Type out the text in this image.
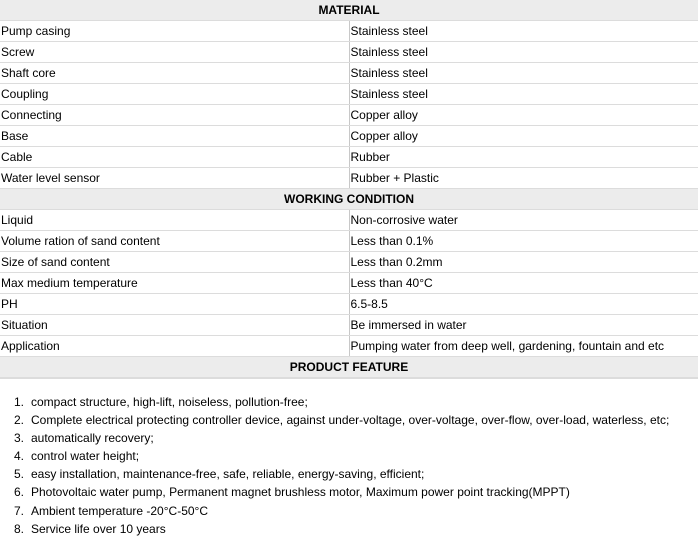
MATERIAL	
Pump casing	Stainless steel
Screw	Stainless steel
Shaft core	Stainless steel
Coupling	Stainless steel
Connecting	Copper alloy
Base	Copper alloy
Cable	Rubber
Water level sensor	Rubber + Plastic
WORKING CONDITION	
Liquid	Non-corrosive water
Volume ration of sand content	Less than 0.1%
Size of sand content	Less than 0.2mm
Max medium temperature	Less than 40°C
PH	6.5-8.5
Situation	Be immersed in water
Application	Pumping water from deep well, gardening, fountain and etc
PRODUCT FEATURE	
1. compact structure, high-lift, noiseless, pollution-free;
2. Complete electrical protecting controller device, against under-voltage, over-voltage, over-flow, over-load, waterless, etc;
3. automatically recovery;
4. control water height;
5. easy installation, maintenance-free, safe, reliable, energy-saving, efficient;
6. Photovoltaic water pump, Permanent magnet brushless motor, Maximum power point tracking(MPPT)
7. Ambient temperature -20°C-50°C
8. Service life over 10 years
